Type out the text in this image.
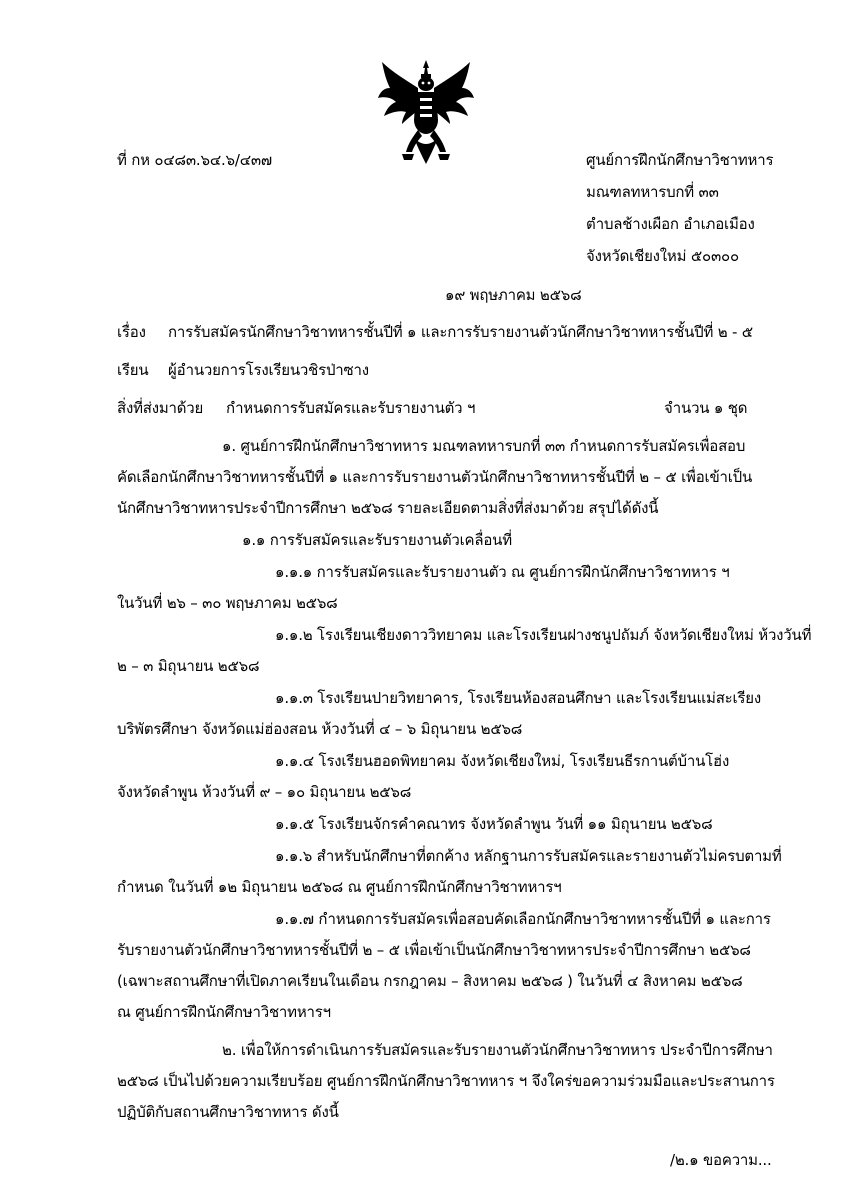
ที่ กห ๐๔๘๓.๖๔.๖/๔๓๗	ศูนย์การฝึกนักศึกษาวิชาทหาร
มณฑลทหารบกที่ ๓๓
ตำบลช้างเผือก อำเภอเมือง
จังหวัดเชียงใหม่ ๕๐๓๐๐
๑๙ พฤษภาคม ๒๕๖๘
เรื่อง การรับสมัครนักศึกษาวิชาทหารชั้นปีที่ ๑ และการรับรายงานตัวนักศึกษาวิชาทหารชั้นปีที่ ๒ - ๕
เรียน ผู้อำนวยการโรงเรียนวชิรป่าซาง
สิ่งที่ส่งมาด้วย กำหนดการรับสมัครและรับรายงานตัว ฯ	จำนวน ๑ ชุด
๑. ศูนย์การฝึกนักศึกษาวิชาทหาร มณฑลทหารบกที่ ๓๓ กำหนดการรับสมัครเพื่อสอบ
คัดเลือกนักศึกษาวิชาทหารชั้นปีที่ ๑ และการรับรายงานตัวนักศึกษาวิชาทหารชั้นปีที่ ๒ – ๕ เพื่อเข้าเป็น
นักศึกษาวิชาทหารประจำปีการศึกษา ๒๕๖๘ รายละเอียดตามสิ่งที่ส่งมาด้วย สรุปได้ดังนี้
๑.๑ การรับสมัครและรับรายงานตัวเคลื่อนที่
๑.๑.๑ การรับสมัครและรับรายงานตัว ณ ศูนย์การฝึกนักศึกษาวิชาทหาร ฯ
ในวันที่ ๒๖ – ๓๐ พฤษภาคม ๒๕๖๘
๑.๑.๒ โรงเรียนเชียงดาววิทยาคม และโรงเรียนฝางชนูปถัมภ์ จังหวัดเชียงใหม่ ห้วงวันที่
๒ – ๓ มิถุนายน ๒๕๖๘
๑.๑.๓ โรงเรียนปายวิทยาคาร, โรงเรียนห้องสอนศึกษา และโรงเรียนแม่สะเรียง
บริพัตรศึกษา จังหวัดแม่ฮ่องสอน ห้วงวันที่ ๔ – ๖ มิถุนายน ๒๕๖๘
๑.๑.๔ โรงเรียนฮอดพิทยาคม จังหวัดเชียงใหม่, โรงเรียนธีรกานต์บ้านโฮ่ง
จังหวัดลำพูน ห้วงวันที่ ๙ – ๑๐ มิถุนายน ๒๕๖๘
๑.๑.๕ โรงเรียนจักรคำคณาทร จังหวัดลำพูน วันที่ ๑๑ มิถุนายน ๒๕๖๘
๑.๑.๖ สำหรับนักศึกษาที่ตกค้าง หลักฐานการรับสมัครและรายงานตัวไม่ครบตามที่
กำหนด ในวันที่ ๑๒ มิถุนายน ๒๕๖๘ ณ ศูนย์การฝึกนักศึกษาวิชาทหารฯ
๑.๑.๗ กำหนดการรับสมัครเพื่อสอบคัดเลือกนักศึกษาวิชาทหารชั้นปีที่ ๑ และการ
รับรายงานตัวนักศึกษาวิชาทหารชั้นปีที่ ๒ – ๕ เพื่อเข้าเป็นนักศึกษาวิชาทหารประจำปีการศึกษา ๒๕๖๘
(เฉพาะสถานศึกษาที่เปิดภาคเรียนในเดือน กรกฎาคม – สิงหาคม ๒๕๖๘ ) ในวันที่ ๔ สิงหาคม ๒๕๖๘
ณ ศูนย์การฝึกนักศึกษาวิชาทหารฯ
๒. เพื่อให้การดำเนินการรับสมัครและรับรายงานตัวนักศึกษาวิชาทหาร ประจำปีการศึกษา
๒๕๖๘ เป็นไปด้วยความเรียบร้อย ศูนย์การฝึกนักศึกษาวิชาทหาร ฯ จึงใคร่ขอความร่วมมือและประสานการ
ปฏิบัติกับสถานศึกษาวิชาทหาร ดังนี้
/๒.๑ ขอความ...
